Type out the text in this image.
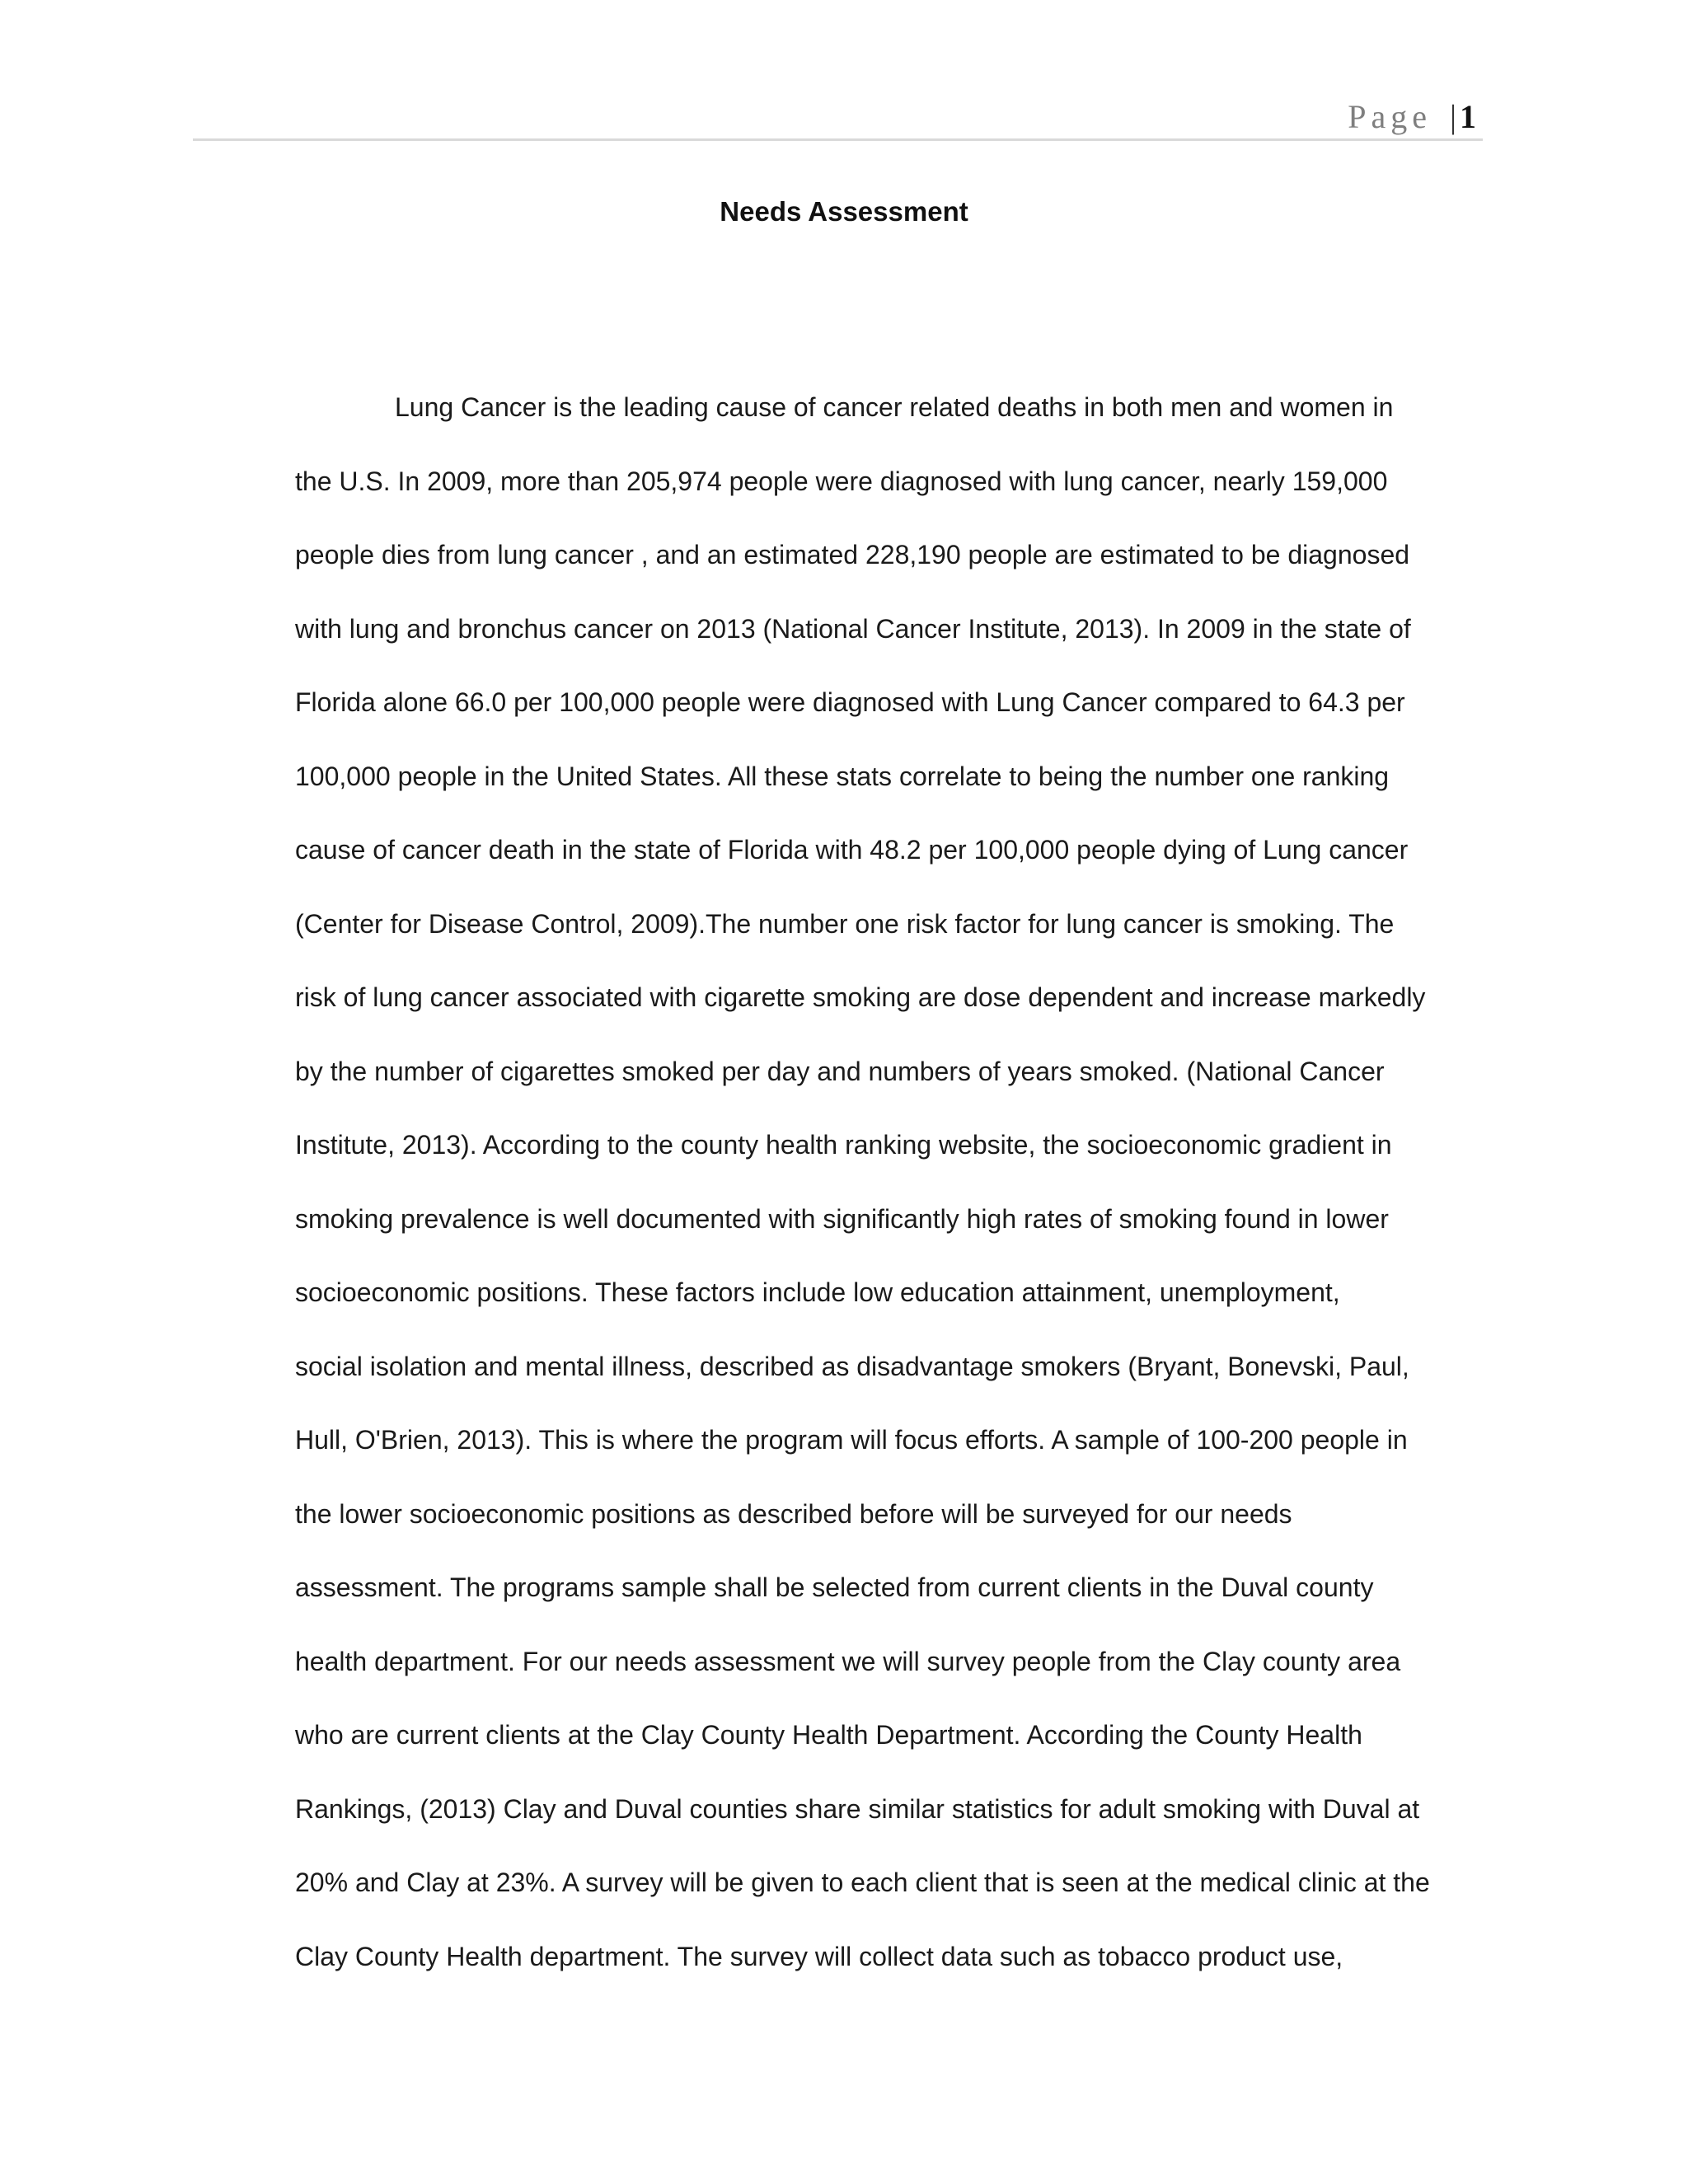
Page | 1
Needs Assessment
Lung Cancer is the leading cause of cancer related deaths in both men and women in
the U.S. In 2009, more than 205,974 people were diagnosed with lung cancer, nearly 159,000
people dies from lung cancer , and an estimated 228,190 people are estimated to be diagnosed
with lung and bronchus cancer on 2013 (National Cancer Institute, 2013). In 2009 in the state of
Florida alone 66.0 per 100,000 people were diagnosed with Lung Cancer compared to 64.3 per
100,000 people in the United States. All these stats correlate to being the number one ranking
cause of cancer death in the state of Florida with 48.2 per 100,000 people dying of Lung cancer
(Center for Disease Control, 2009).The number one risk factor for lung cancer is smoking. The
risk of lung cancer associated with cigarette smoking are dose dependent and increase markedly
by the number of cigarettes smoked per day and numbers of years smoked. (National Cancer
Institute, 2013). According to the county health ranking website, the socioeconomic gradient in
smoking prevalence is well documented with significantly high rates of smoking found in lower
socioeconomic positions. These factors include low education attainment, unemployment,
social isolation and mental illness, described as disadvantage smokers (Bryant, Bonevski, Paul,
Hull, O'Brien, 2013). This is where the program will focus efforts. A sample of 100-200 people in
the lower socioeconomic positions as described before will be surveyed for our needs
assessment. The programs sample shall be selected from current clients in the Duval county
health department. For our needs assessment we will survey people from the Clay county area
who are current clients at the Clay County Health Department. According the County Health
Rankings, (2013) Clay and Duval counties share similar statistics for adult smoking with Duval at
20% and Clay at 23%. A survey will be given to each client that is seen at the medical clinic at the
Clay County Health department. The survey will collect data such as tobacco product use,
